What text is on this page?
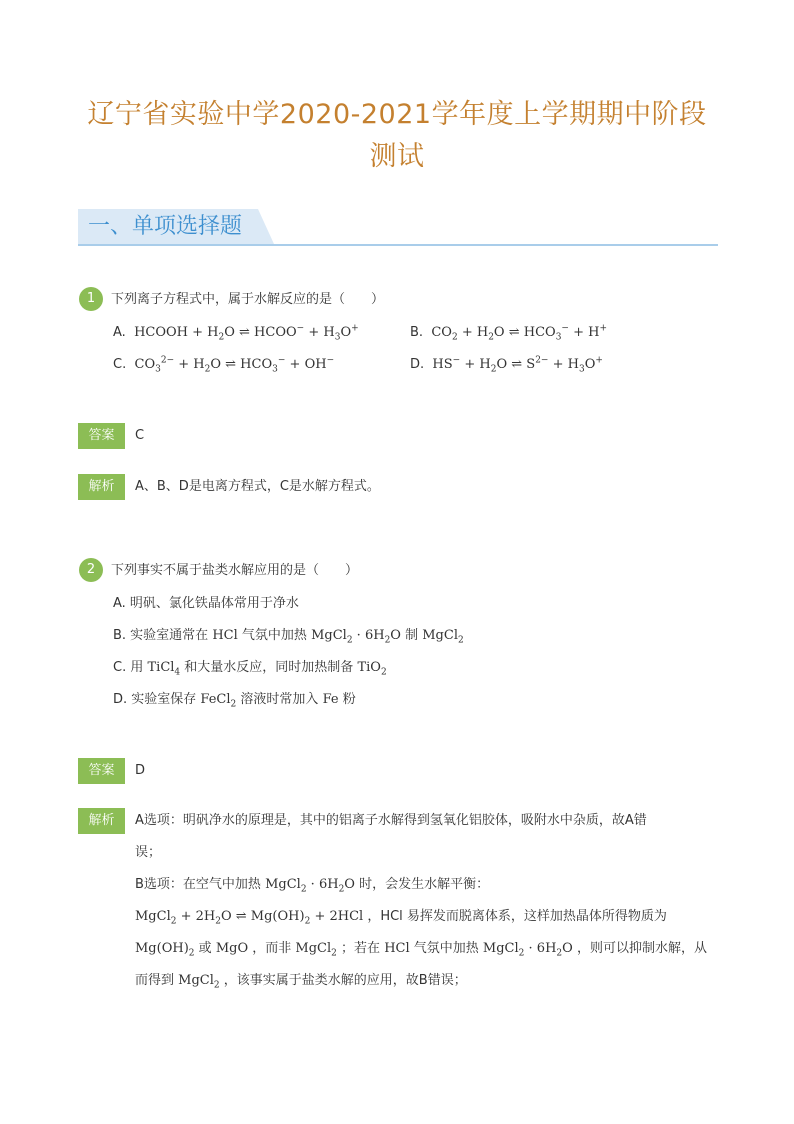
辽宁省实验中学2020-2021学年度上学期期中阶段
测试
一、单项选择题
1	下列离子方程式中，属于水解反应的是（　　）
A.  HCOOH + $H_2O$ ⇌ HCOO− + $H_3O^+$	B.  $CO_2 + H_2O$ ⇌ $HCO_3^- + H^+$
C.  $CO_3^{2-} + H_2O$ ⇌ $HCO_3^- + OH^-$	D.  $HS^- + H_2O$ ⇌ $S^{2-} + H_3O^+$
答案	C
解析	A、B、D是电离方程式，C是水解方程式。
2	下列事实不属于盐类水解应用的是（　　）
A. 明矾、氯化铁晶体常用于净水
B. 实验室通常在 HCl 气氛中加热 MgCl$_2$ · $6H_2O$ 制 MgCl$_2$
C. 用 TiCl$_4$ 和大量水反应，同时加热制备 TiO$_2$
D. 实验室保存 FeCl$_2$ 溶液时常加入 Fe 粉
答案	D
解析	A选项：明矾净水的原理是，其中的铝离子水解得到氢氧化铝胶体，吸附水中杂质，故A错

误；

B选项：在空气中加热 MgCl$_2$ · $6H_2O$ 时，会发生水解平衡：

MgCl$_2$ + $2H_2O$ ⇌ $Mg(OH)_2 + 2HCl$ ，HCl 易挥发而脱离体系，这样加热晶体所得物质为

$Mg(OH)_2$ 或 MgO ，而非 MgCl$_2$ ；若在 HCl 气氛中加热 MgCl$_2$ · $6H_2O$ ，则可以抑制水解，从

而得到 MgCl$_2$ ，该事实属于盐类水解的应用，故B错误；
